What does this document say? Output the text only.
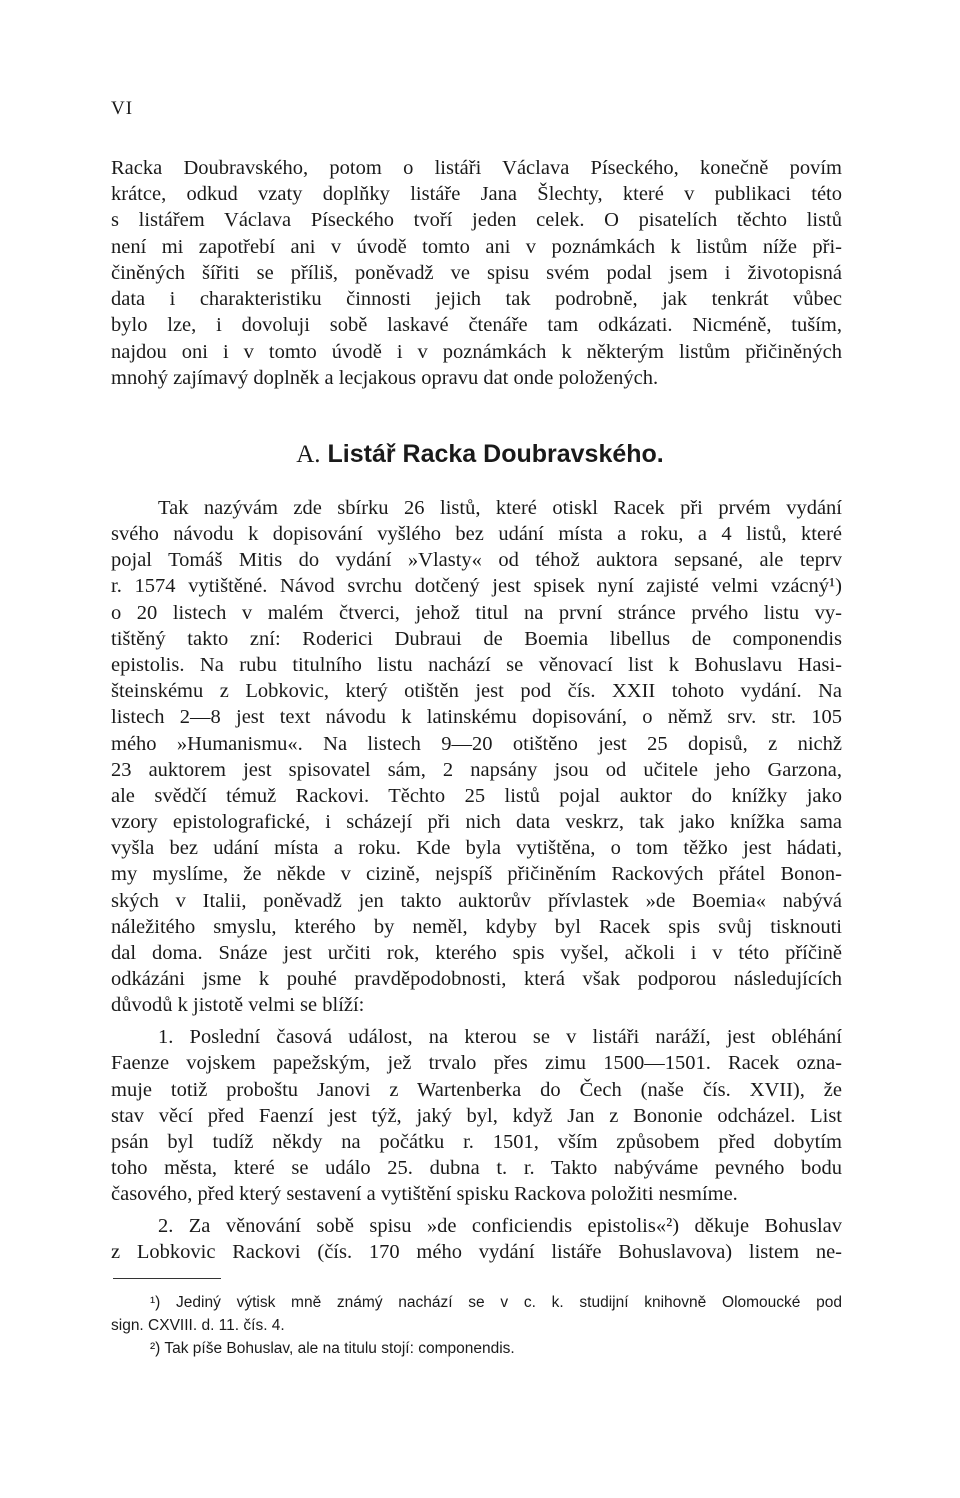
VI
Racka Doubravského, potom o listáři Václava Píseckého, konečně povím
krátce, odkud vzaty doplňky listáře Jana Šlechty, které v publikaci této
s listářem Václava Píseckého tvoří jeden celek. O pisatelích těchto listů
není mi zapotřebí ani v úvodě tomto ani v poznámkách k listům níže při-
činěných šířiti se příliš, poněvadž ve spisu svém podal jsem i životopisná
data i charakteristiku činnosti jejich tak podrobně, jak tenkrát vůbec
bylo lze, i dovoluji sobě laskavé čtenáře tam odkázati. Nicméně, tuším,
najdou oni i v tomto úvodě i v poznámkách k některým listům přičiněných
mnohý zajímavý doplněk a lecjakous opravu dat onde položených.
A. Listář Racka Doubravského.
Tak nazývám zde sbírku 26 listů, které otiskl Racek při prvém vydání
svého návodu k dopisování vyšlého bez udání místa a roku, a 4 listů, které
pojal Tomáš Mitis do vydání »Vlasty« od téhož auktora sepsané, ale teprv
r. 1574 vytištěné. Návod svrchu dotčený jest spisek nyní zajisté velmi vzácný¹)
o 20 listech v malém čtverci, jehož titul na první stránce prvého listu vy-
tištěný takto zní: Roderici Dubraui de Boemia libellus de componendis
epistolis. Na rubu titulního listu nachází se věnovací list k Bohuslavu Hasi-
šteinskému z Lobkovic, který otištěn jest pod čís. XXII tohoto vydání. Na
listech 2—8 jest text návodu k latinskému dopisování, o němž srv. str. 105
mého »Humanismu«. Na listech 9—20 otištěno jest 25 dopisů, z nichž
23 auktorem jest spisovatel sám, 2 napsány jsou od učitele jeho Garzona,
ale svědčí témuž Rackovi. Těchto 25 listů pojal auktor do knížky jako
vzory epistolografické, i scházejí při nich data veskrz, tak jako knížka sama
vyšla bez udání místa a roku. Kde byla vytištěna, o tom těžko jest hádati,
my myslíme, že někde v cizině, nejspíš přičiněním Rackových přátel Bonon-
ských v Italii, poněvadž jen takto auktorův přívlastek »de Boemia« nabývá
náležitého smyslu, kterého by neměl, kdyby byl Racek spis svůj tisknouti
dal doma. Snáze jest určiti rok, kterého spis vyšel, ačkoli i v této příčině
odkázáni jsme k pouhé pravděpodobnosti, která však podporou následujících
důvodů k jistotě velmi se blíží:
1. Poslední časová událost, na kterou se v listáři naráží, jest obléhání
Faenze vojskem papežským, jež trvalo přes zimu 1500—1501. Racek ozna-
muje totiž proboštu Janovi z Wartenberka do Čech (naše čís. XVII), že
stav věcí před Faenzí jest týž, jaký byl, když Jan z Bononie odcházel. List
psán byl tudíž někdy na počátku r. 1501, vším způsobem před dobytím
toho města, které se událo 25. dubna t. r. Takto nabýváme pevného bodu
časového, před který sestavení a vytištění spisku Rackova položiti nesmíme.
2. Za věnování sobě spisu »de conficiendis epistolis«²) děkuje Bohuslav
z Lobkovic Rackovi (čís. 170 mého vydání listáře Bohuslavova) listem ne-
¹) Jediný výtisk mně známý nachází se v c. k. studijní knihovně Olomoucké pod
sign. CXVIII. d. 11. čís. 4.
²) Tak píše Bohuslav, ale na titulu stojí: componendis.
